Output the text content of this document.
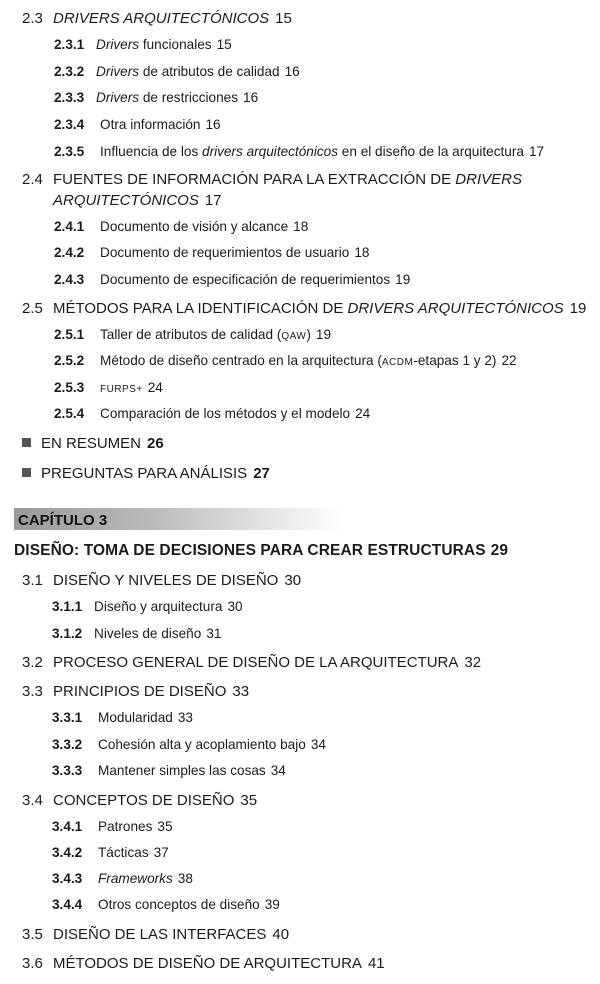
2.3 DRIVERS ARQUITECTÓNICOS 15
2.3.1 Drivers funcionales 15
2.3.2 Drivers de atributos de calidad 16
2.3.3 Drivers de restricciones 16
2.3.4 Otra información 16
2.3.5 Influencia de los drivers arquitectónicos en el diseño de la arquitectura 17
2.4 FUENTES DE INFORMACIÓN PARA LA EXTRACCIÓN DE DRIVERS
ARQUITECTÓNICOS 17
2.4.1 Documento de visión y alcance 18
2.4.2 Documento de requerimientos de usuario 18
2.4.3 Documento de especificación de requerimientos 19
2.5 MÉTODOS PARA LA IDENTIFICACIÓN DE DRIVERS ARQUITECTÓNICOS 19
2.5.1 Taller de atributos de calidad (QAW) 19
2.5.2 Método de diseño centrado en la arquitectura (ACDM-etapas 1 y 2) 22
2.5.3 FURPS+ 24
2.5.4 Comparación de los métodos y el modelo 24
EN RESUMEN 26
PREGUNTAS PARA ANÁLISIS 27
CAPÍTULO 3
DISEÑO: TOMA DE DECISIONES PARA CREAR ESTRUCTURAS 29
3.1 DISEÑO Y NIVELES DE DISEÑO 30
3.1.1 Diseño y arquitectura 30
3.1.2 Niveles de diseño 31
3.2 PROCESO GENERAL DE DISEÑO DE LA ARQUITECTURA 32
3.3 PRINCIPIOS DE DISEÑO 33
3.3.1 Modularidad 33
3.3.2 Cohesión alta y acoplamiento bajo 34
3.3.3 Mantener simples las cosas 34
3.4 CONCEPTOS DE DISEÑO 35
3.4.1 Patrones 35
3.4.2 Tácticas 37
3.4.3 Frameworks 38
3.4.4 Otros conceptos de diseño 39
3.5 DISEÑO DE LAS INTERFACES 40
3.6 MÉTODOS DE DISEÑO DE ARQUITECTURA 41
